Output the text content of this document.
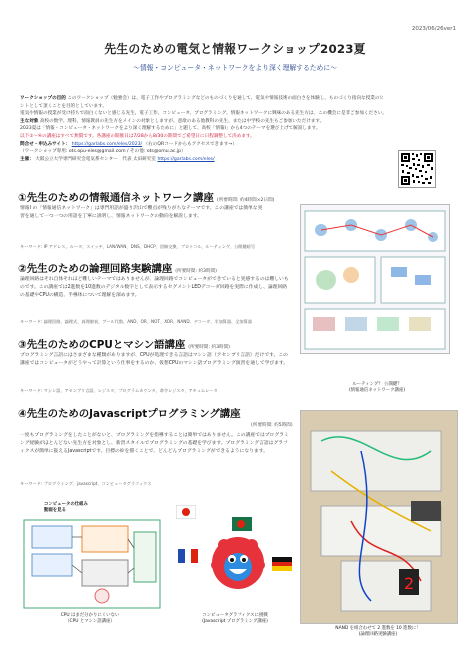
2023/06/26ver1
先生のための電気と情報ワークショップ2023夏
～情報・コンピュータ・ネットワークをより深く理解するために～
ワークショップの目的 このワークショップ（勉強会）は、電子工作やプログラミングなどのものづくりを通して、電気や情報技術の面白さを体験し、ものづくり指向な授業のヒントとして頂くことを目的としています。
電気や情報の授業が受け持ちで面白くないと感じる先生、電子工作、コンピュータ、プログラミング、情報ネットワークに興味のある先生方は、この機会に是非ご参加ください。
主な対象 高校の数学、理科、情報教員の先生方をメインの対象としますが、意欲のある他教科の先生、または中学校の先生もご参加いただけます。
2023夏は「情報・コンピュータ・ネットワークをより深く理解するために」と題して、高校「情報I」から4つのテーマを選び上げて解説します。
以下①～④の講座はすべて無償です。各講座の開催日は7/28から8/30の期間でご希望日に日程調整して決めます。
問合せ・申込みサイト： https://garlabs.com/eles/2023/ （右のQRコードからもアクセスできます→）
（ワークショップ専用: ots.opu-eles@gmail.com / その他: ots@omu.ac.jp）
主催： 大阪公立大学専門研究会電気系センター　代表 太田研究室 https://garlabs.com/eles/
①先生のための情報通信ネットワーク講座 (所要時間: 約4時間×2日間)
情報I の「情報通信ネットワーク」は専門用語が盛り沢山で難点が残りがちなテーマです。この講座では簡単な実習を通して一つ一つの用語を丁寧に説明し、情報ネットワークの動向を解説します。
キーワード: IP アドレス、ルータ、スイッチ、LAN/WAN、DNS、DHCP、回線交換、プロトコル、ルーティング、公開鍵暗号
②先生のための論理回路実験講座 (所要時間: 約3時間)
論理回路はそれ自体それほど難しいテーマではありませんが、論理回路でコンピュータができていると実感するのは難しいものです。この講座では2進数を10進数のデジタル数字として表示するセグメントLEDデコーダ回路を実際に作成し、論理回路の基礎やCPUの構造、半導体について理解を深めます。
キーワード: 論理回路、論理式、真理値表、ブール代数、AND、OR、NOT、XOR、NAND、デコーダ、半加算器、全加算器
ルーティング？ 公開鍵？
(情報通信ネットワーク講座)
③先生のためのCPUとマシン語講座 (所要時間: 約3時間)
プログラミング言語にはさまざまな種類がありますが、CPUが処理できる言語はマシン語（アセンブリ言語）だけです。この講座ではコンピュータがどうやって計算という仕事をするのか、仮想CPUのマシン語プログラミング演習を通して学びます。
キーワード: マシン語、アセンブリ言語、レジスタ、プログラムカウンタ、命令レジスタ、アキュムレータ
④先生のためのJavascriptプログラミング講座
(所要時間: 約5時間)
一度もプログラミングをしたことがないと、プログラミングを指導することは簡単ではありません。この講座ではプログラミング経験がほとんどない先生方を対象とし、新習スタイルでプログラミングの基礎を学びます。プログラミング言語はグラフィクスが簡単に扱えるJavascriptです。目標の絵を描くことで、どんどんプログラミングができるようになります。
キーワード: プログラミング、javascript、コンピュータグラフィクス
2
NAND を組合わせて 2 進数を 10 進数に！
(論理回路実験講座)
コンピュータの仕組み
動画を見る
CPU はまだ分かりにくいない
（CPU とマシン語講座）
コンピュータグラフィクスに挑戦
(Javascript プログラミング講座)
